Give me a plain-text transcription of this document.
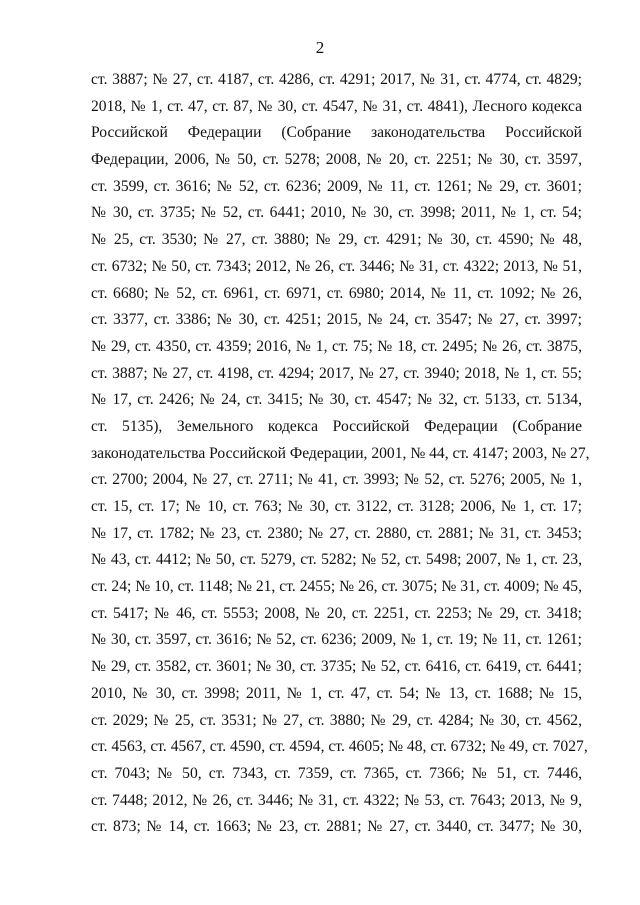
2
ст. 3887; № 27, ст. 4187, ст. 4286, ст. 4291; 2017, № 31, ст. 4774, ст. 4829;
2018, № 1, ст. 47, ст. 87, № 30, ст. 4547, № 31, ст. 4841), Лесного кодекса
Российской Федерации (Собрание законодательства Российской
Федерации, 2006, № 50, ст. 5278; 2008, № 20, ст. 2251; № 30, ст. 3597,
ст. 3599, ст. 3616; № 52, ст. 6236; 2009, № 11, ст. 1261; № 29, ст. 3601;
№ 30, ст. 3735; № 52, ст. 6441; 2010, № 30, ст. 3998; 2011, № 1, ст. 54;
№ 25, ст. 3530; № 27, ст. 3880; № 29, ст. 4291; № 30, ст. 4590; № 48,
ст. 6732; № 50, ст. 7343; 2012, № 26, ст. 3446; № 31, ст. 4322; 2013, № 51,
ст. 6680; № 52, ст. 6961, ст. 6971, ст. 6980; 2014, № 11, ст. 1092; № 26,
ст. 3377, ст. 3386; № 30, ст. 4251; 2015, № 24, ст. 3547; № 27, ст. 3997;
№ 29, ст. 4350, ст. 4359; 2016, № 1, ст. 75; № 18, ст. 2495; № 26, ст. 3875,
ст. 3887; № 27, ст. 4198, ст. 4294; 2017, № 27, ст. 3940; 2018, № 1, ст. 55;
№ 17, ст. 2426; № 24, ст. 3415; № 30, ст. 4547; № 32, ст. 5133, ст. 5134,
ст. 5135), Земельного кодекса Российской Федерации (Собрание
законодательства Российской Федерации, 2001, № 44, ст. 4147; 2003, № 27,
ст. 2700; 2004, № 27, ст. 2711; № 41, ст. 3993; № 52, ст. 5276; 2005, № 1,
ст. 15, ст. 17; № 10, ст. 763; № 30, ст. 3122, ст. 3128; 2006, № 1, ст. 17;
№ 17, ст. 1782; № 23, ст. 2380; № 27, ст. 2880, ст. 2881; № 31, ст. 3453;
№ 43, ст. 4412; № 50, ст. 5279, ст. 5282; № 52, ст. 5498; 2007, № 1, ст. 23,
ст. 24; № 10, ст. 1148; № 21, ст. 2455; № 26, ст. 3075; № 31, ст. 4009; № 45,
ст. 5417; № 46, ст. 5553; 2008, № 20, ст. 2251, ст. 2253; № 29, ст. 3418;
№ 30, ст. 3597, ст. 3616; № 52, ст. 6236; 2009, № 1, ст. 19; № 11, ст. 1261;
№ 29, ст. 3582, ст. 3601; № 30, ст. 3735; № 52, ст. 6416, ст. 6419, ст. 6441;
2010, № 30, ст. 3998; 2011, № 1, ст. 47, ст. 54; № 13, ст. 1688; № 15,
ст. 2029; № 25, ст. 3531; № 27, ст. 3880; № 29, ст. 4284; № 30, ст. 4562,
ст. 4563, ст. 4567, ст. 4590, ст. 4594, ст. 4605; № 48, ст. 6732; № 49, ст. 7027,
ст. 7043; № 50, ст. 7343, ст. 7359, ст. 7365, ст. 7366; № 51, ст. 7446,
ст. 7448; 2012, № 26, ст. 3446; № 31, ст. 4322; № 53, ст. 7643; 2013, № 9,
ст. 873; № 14, ст. 1663; № 23, ст. 2881; № 27, ст. 3440, ст. 3477; № 30,
